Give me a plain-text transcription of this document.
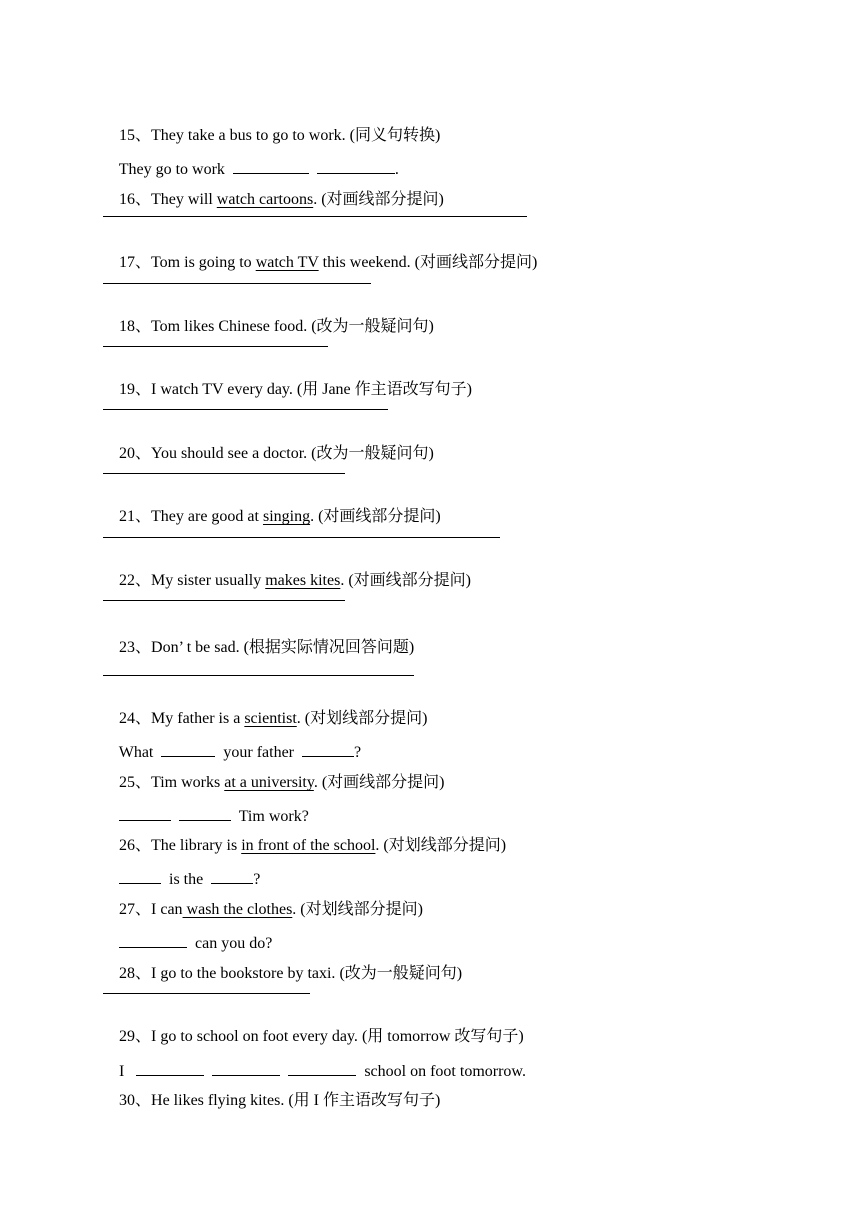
15、They take a bus to go to work. (同义句转换)

They go to work	.

16、They will watch cartoons. (对画线部分提问)

17、Tom is going to watch TV this weekend. (对画线部分提问)

18、Tom likes Chinese food. (改为一般疑问句)

19、I watch TV every day. (用 Jane 作主语改写句子)

20、You should see a doctor. (改为一般疑问句)

21、They are good at singing. (对画线部分提问)

22、My sister usually makes kites. (对画线部分提问)

23、Don’ t be sad. (根据实际情况回答问题)

24、My father is a scientist. (对划线部分提问)

What	your father	?

25、Tim works at a university. (对画线部分提问)

Tim work?

26、The library is in front of the school. (对划线部分提问)

is the	?

27、I can wash the clothes. (对划线部分提问)

can you do?

28、I go to the bookstore by taxi. (改为一般疑问句)

29、I go to school on foot every day. (用 tomorrow 改写句子)

I	school on foot tomorrow.

30、He likes flying kites. (用 I 作主语改写句子)
